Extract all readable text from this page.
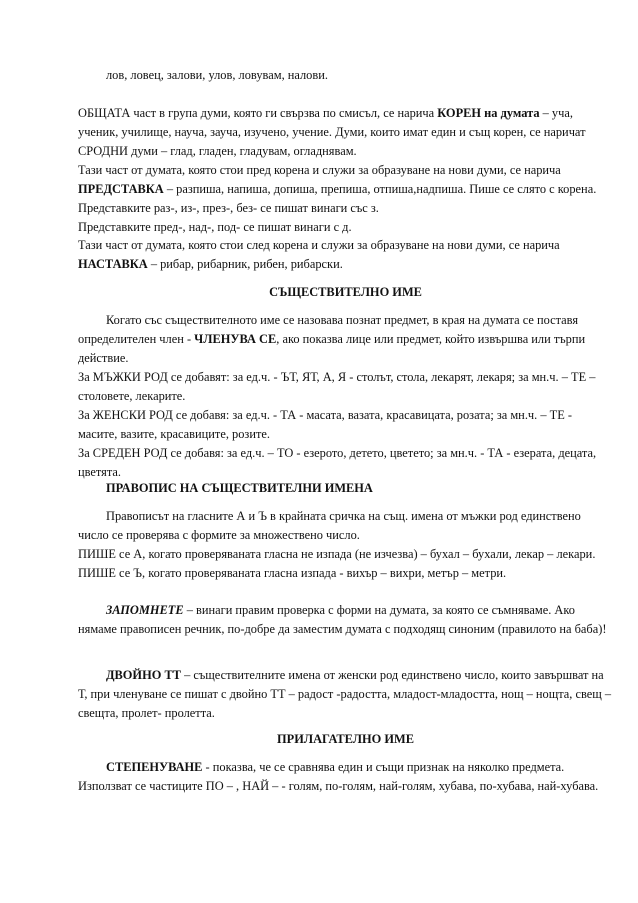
лов, ловец, залови, улов, ловувам, налови.

ОБЩАТА част в група думи, която ги свързва по смисъл, се нарича КОРЕН на думата – уча, ученик, училище, науча, зауча, изучено, учение. Думи, които имат един и същ корен, се наричат СРОДНИ думи – глад, гладен, гладувам, огладнявам.
Тази част от думата, която стои пред корена и служи за образуване на нови думи, се нарича ПРЕДСТАВКА – разпиша, напиша, допиша, препиша, отпиша,надпиша. Пише се слято с корена. Представките раз-, из-, през-, без- се пишат винаги със з.
Представките пред-, над-, под- се пишат винаги с д.

Тази част от думата, която стои след корена и служи за образуване на нови думи, се нарича НАСТАВКА – рибар, рибарник, рибен, рибарски.

СЪЩЕСТВИТЕЛНО ИМЕ

Когато със съществителното име се назовава познат предмет, в края на думата се поставя определителен член - ЧЛЕНУВА СЕ, ако показва лице или предмет, който извършва или търпи действие.
За МЪЖКИ РОД се добавят: за ед.ч. - ЪТ, ЯТ, А, Я - столът, стола, лекарят, лекаря; за мн.ч. – ТЕ – столовете, лекарите.
За ЖЕНСКИ РОД се добавя: за ед.ч. - ТА - масата, вазата, красавицата, розата; за мн.ч. – ТЕ - масите, вазите, красавиците, розите.
За СРЕДЕН РОД се добавя: за ед.ч. – ТО - езерото, детето, цветето; за мн.ч. - ТА - езерата, децата, цветята.

ПРАВОПИС НА СЪЩЕСТВИТЕЛНИ ИМЕНА

Правописът на гласните А и Ъ в крайната сричка на същ. имена от мъжки род единствено число се проверява с формите за множествено число.
ПИШЕ се А, когато проверяваната гласна не изпада (не изчезва) – бухал – бухали, лекар – лекари.
ПИШЕ се Ъ, когато проверяваната гласна изпада - вихър – вихри, метър – метри.

ЗАПОМНЕТЕ – винаги правим проверка с форми на думата, за която се съмняваме. Ако нямаме правописен речник, по-добре да заместим думата с подходящ синоним (правилото на баба)!

ДВОЙНО ТТ – съществителните имена от женски род единствено число, които завършват на Т, при членуване се пишат с двойно ТТ – радост -радостта, младост-младостта, нощ – нощта, свещ – свещта, пролет- пролетта.

ПРИЛАГАТЕЛНО ИМЕ

СТЕПЕНУВАНЕ - показва, че се сравнява един и същи признак на няколко предмета. Използват се частиците ПО – , НАЙ – - голям, по-голям, най-голям, хубава, по-хубава, най-хубава.
